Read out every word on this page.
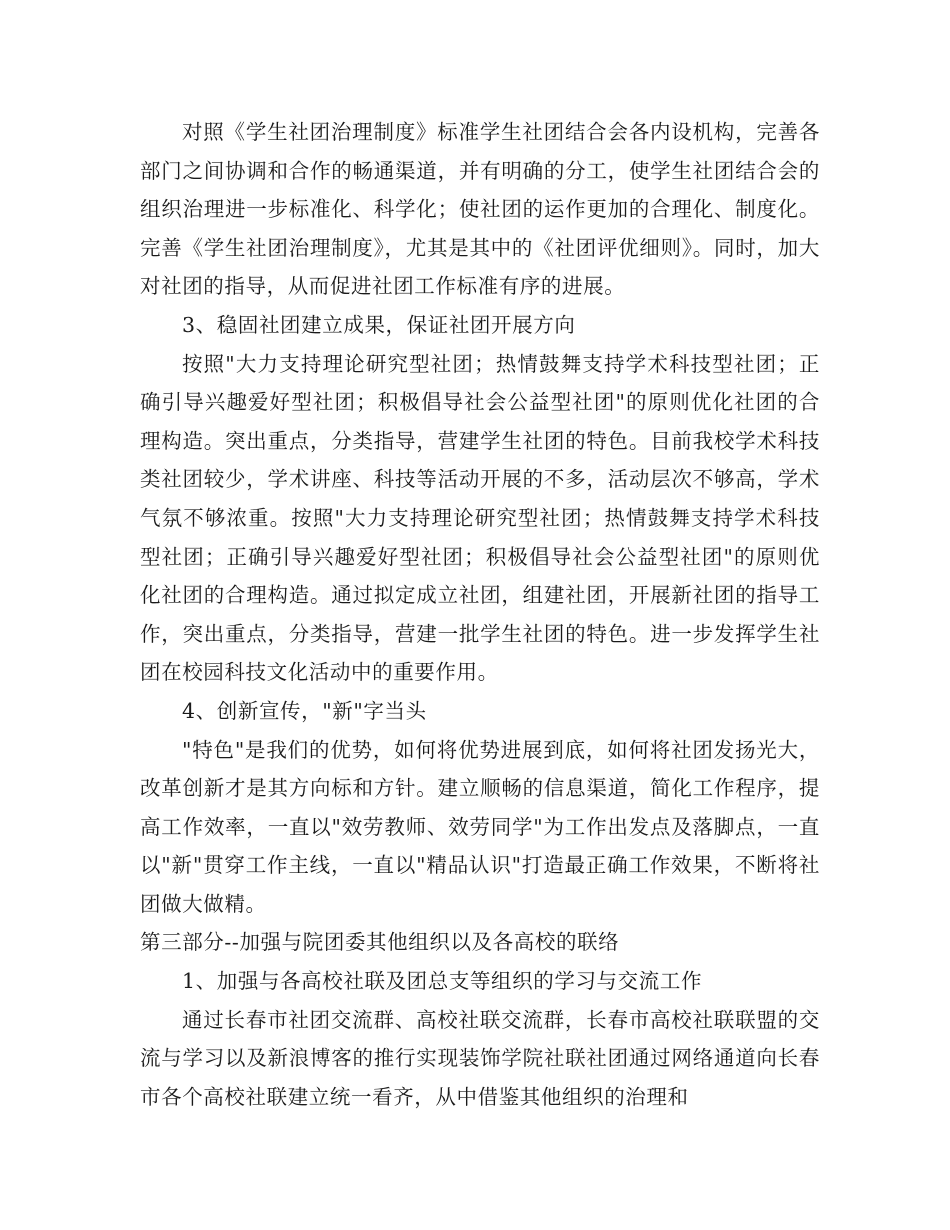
对照《学生社团治理制度》标准学生社团结合会各内设机构，完善各部门之间协调和合作的畅通渠道，并有明确的分工，使学生社团结合会的组织治理进一步标准化、科学化；使社团的运作更加的合理化、制度化。完善《学生社团治理制度》，尤其是其中的《社团评优细则》。同时，加大对社团的指导，从而促进社团工作标准有序的进展。

3、稳固社团建立成果，保证社团开展方向

按照"大力支持理论研究型社团；热情鼓舞支持学术科技型社团；正确引导兴趣爱好型社团；积极倡导社会公益型社团"的原则优化社团的合理构造。突出重点，分类指导，营建学生社团的特色。目前我校学术科技类社团较少，学术讲座、科技等活动开展的不多，活动层次不够高，学术气氛不够浓重。按照"大力支持理论研究型社团；热情鼓舞支持学术科技型社团；正确引导兴趣爱好型社团；积极倡导社会公益型社团"的原则优化社团的合理构造。通过拟定成立社团，组建社团，开展新社团的指导工作，突出重点，分类指导，营建一批学生社团的特色。进一步发挥学生社团在校园科技文化活动中的重要作用。

4、创新宣传，"新"字当头

"特色"是我们的优势，如何将优势进展到底，如何将社团发扬光大，改革创新才是其方向标和方针。建立顺畅的信息渠道，简化工作程序，提高工作效率，一直以"效劳教师、效劳同学"为工作出发点及落脚点，一直以"新"贯穿工作主线，一直以"精品认识"打造最正确工作效果，不断将社团做大做精。

第三部分--加强与院团委其他组织以及各高校的联络

1、加强与各高校社联及团总支等组织的学习与交流工作

通过长春市社团交流群、高校社联交流群，长春市高校社联联盟的交流与学习以及新浪博客的推行实现装饰学院社联社团通过网络通道向长春市各个高校社联建立统一看齐，从中借鉴其他组织的治理和
